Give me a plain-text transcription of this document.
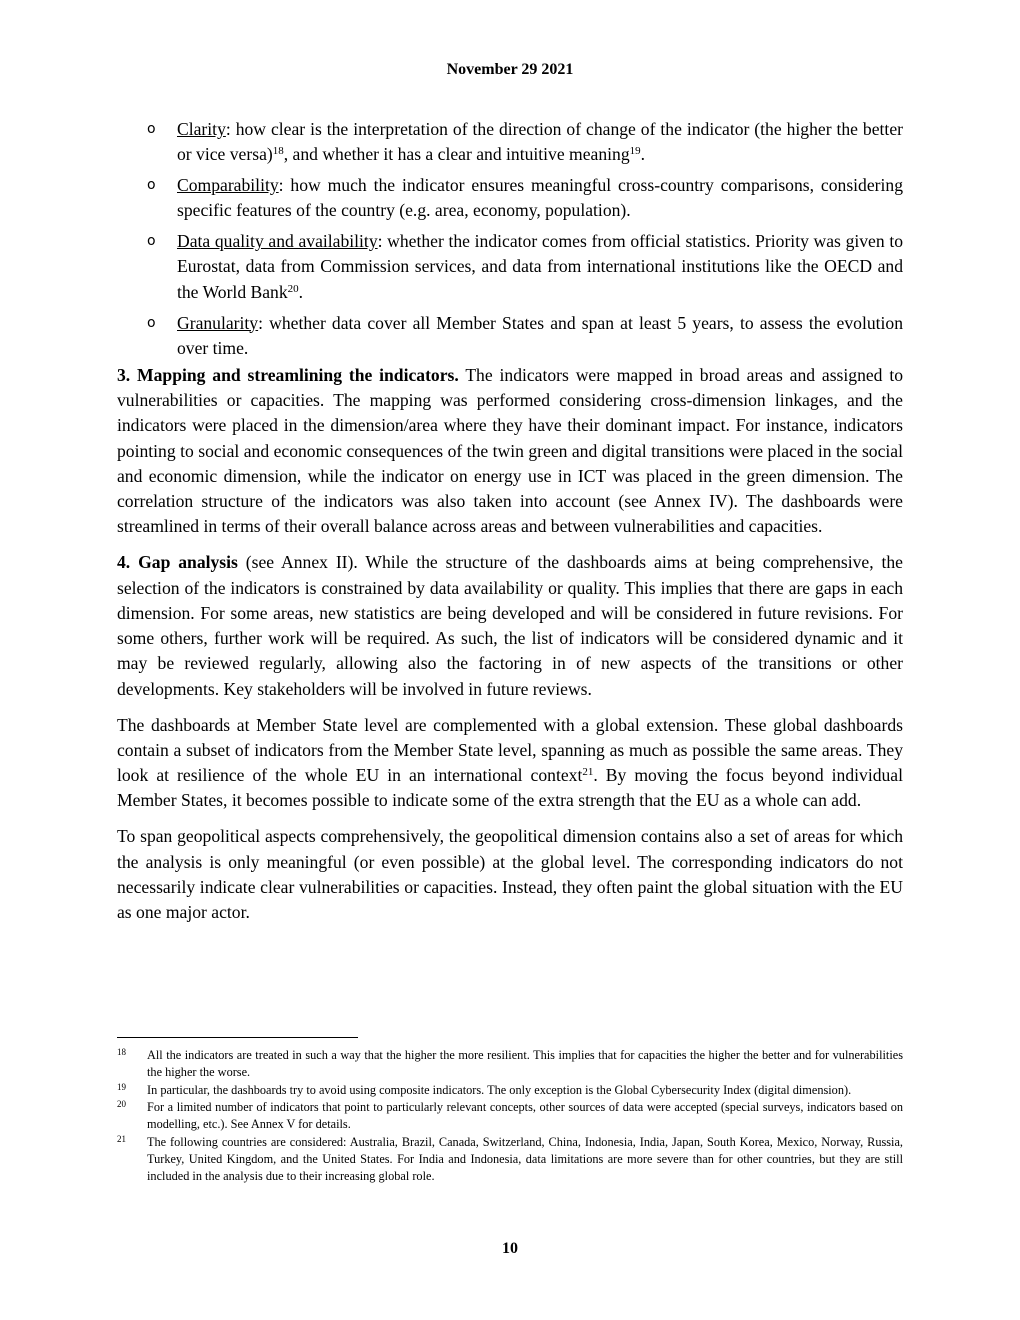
November 29 2021
o Clarity: how clear is the interpretation of the direction of change of the indicator (the higher the better or vice versa)$^{18}$, and whether it has a clear and intuitive meaning$^{19}$.
o Comparability: how much the indicator ensures meaningful cross-country comparisons, considering specific features of the country (e.g. area, economy, population).
o Data quality and availability: whether the indicator comes from official statistics. Priority was given to Eurostat, data from Commission services, and data from international institutions like the OECD and the World Bank$^{20}$.
o Granularity: whether data cover all Member States and span at least 5 years, to assess the evolution over time.

3. Mapping and streamlining the indicators. The indicators were mapped in broad areas and assigned to vulnerabilities or capacities. The mapping was performed considering cross-dimension linkages, and the indicators were placed in the dimension/area where they have their dominant impact. For instance, indicators pointing to social and economic consequences of the twin green and digital transitions were placed in the social and economic dimension, while the indicator on energy use in ICT was placed in the green dimension. The correlation structure of the indicators was also taken into account (see Annex IV). The dashboards were streamlined in terms of their overall balance across areas and between vulnerabilities and capacities.

4. Gap analysis (see Annex II). While the structure of the dashboards aims at being comprehensive, the selection of the indicators is constrained by data availability or quality. This implies that there are gaps in each dimension. For some areas, new statistics are being developed and will be considered in future revisions. For some others, further work will be required. As such, the list of indicators will be considered dynamic and it may be reviewed regularly, allowing also the factoring in of new aspects of the transitions or other developments. Key stakeholders will be involved in future reviews.

The dashboards at Member State level are complemented with a global extension. These global dashboards contain a subset of indicators from the Member State level, spanning as much as possible the same areas. They look at resilience of the whole EU in an international context$^{21}$. By moving the focus beyond individual Member States, it becomes possible to indicate some of the extra strength that the EU as a whole can add.

To span geopolitical aspects comprehensively, the geopolitical dimension contains also a set of areas for which the analysis is only meaningful (or even possible) at the global level. The corresponding indicators do not necessarily indicate clear vulnerabilities or capacities. Instead, they often paint the global situation with the EU as one major actor.

18 All the indicators are treated in such a way that the higher the more resilient. This implies that for capacities the higher the better and for vulnerabilities the higher the worse.
19 In particular, the dashboards try to avoid using composite indicators. The only exception is the Global Cybersecurity Index (digital dimension).
20 For a limited number of indicators that point to particularly relevant concepts, other sources of data were accepted (special surveys, indicators based on modelling, etc.). See Annex V for details.
21 The following countries are considered: Australia, Brazil, Canada, Switzerland, China, Indonesia, India, Japan, South Korea, Mexico, Norway, Russia, Turkey, United Kingdom, and the United States. For India and Indonesia, data limitations are more severe than for other countries, but they are still included in the analysis due to their increasing global role.
10
